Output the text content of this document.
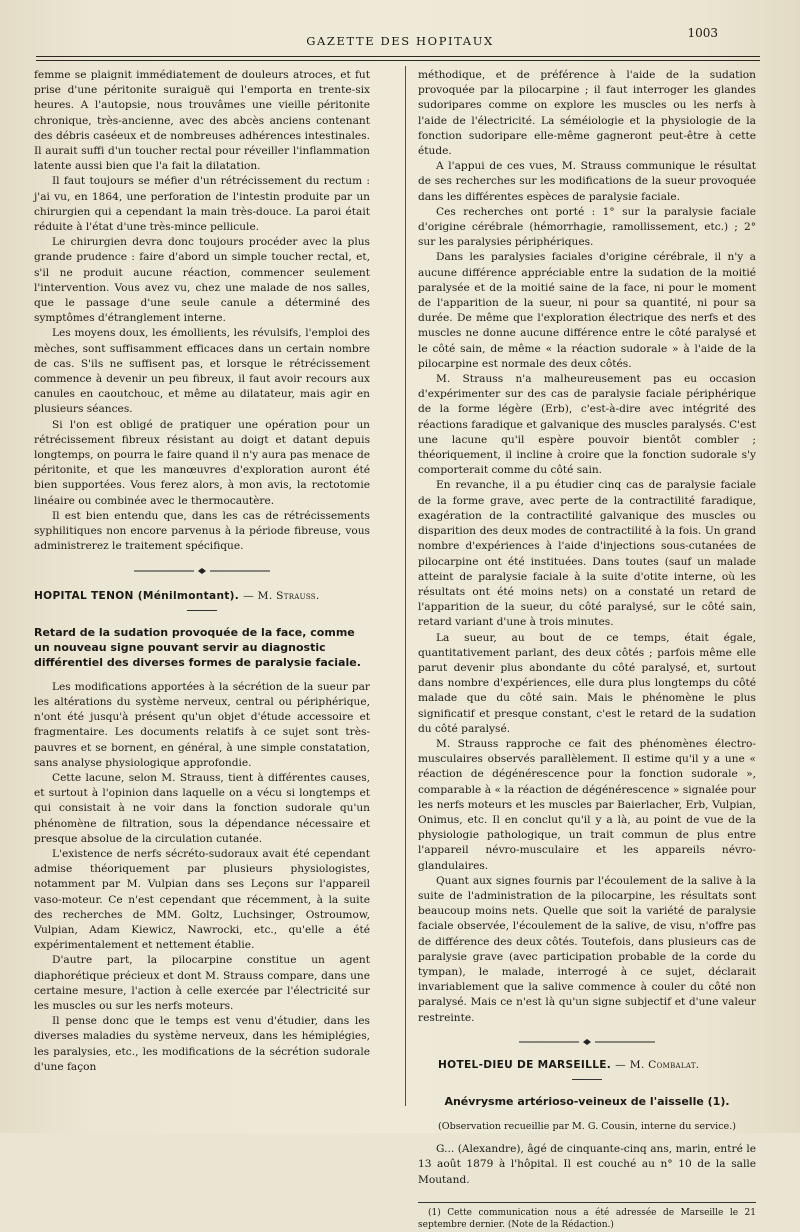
GAZETTE DES HOPITAUX
1003

femme se plaignit immédiatement de douleurs atroces, et fut prise d'une péritonite suraiguë qui l'emporta en trente-six heures. A l'autopsie, nous trouvâmes une vieille péritonite chronique, très-ancienne, avec des abcès anciens contenant des débris caséeux et de nombreuses adhérences intestinales. Il aurait suffi d'un toucher rectal pour réveiller l'inflammation latente aussi bien que l'a fait la dilatation.

Il faut toujours se méfier d'un rétrécissement du rectum : j'ai vu, en 1864, une perforation de l'intestin produite par un chirurgien qui a cependant la main très-douce. La paroi était réduite à l'état d'une très-mince pellicule.

Le chirurgien devra donc toujours procéder avec la plus grande prudence : faire d'abord un simple toucher rectal, et, s'il ne produit aucune réaction, commencer seulement l'intervention. Vous avez vu, chez une malade de nos salles, que le passage d'une seule canule a déterminé des symptômes d'étranglement interne.

Les moyens doux, les émollients, les révulsifs, l'emploi des mèches, sont suffisamment efficaces dans un certain nombre de cas. S'ils ne suffisent pas, et lorsque le rétrécissement commence à devenir un peu fibreux, il faut avoir recours aux canules en caoutchouc, et même au dilatateur, mais agir en plusieurs séances.

Si l'on est obligé de pratiquer une opération pour un rétrécissement fibreux résistant au doigt et datant depuis longtemps, on pourra le faire quand il n'y aura pas menace de péritonite, et que les manœuvres d'exploration auront été bien supportées. Vous ferez alors, à mon avis, la rectotomie linéaire ou combinée avec le thermocautère.

Il est bien entendu que, dans les cas de rétrécissements syphilitiques non encore parvenus à la période fibreuse, vous administrerez le traitement spécifique.

HOPITAL TENON (Ménilmontant). — M. Strauss.
Retard de la sudation provoquée de la face, comme un nouveau signe pouvant servir au diagnostic différentiel des diverses formes de paralysie faciale.

Les modifications apportées à la sécrétion de la sueur par les altérations du système nerveux, central ou périphérique, n'ont été jusqu'à présent qu'un objet d'étude accessoire et fragmentaire. Les documents relatifs à ce sujet sont très-pauvres et se bornent, en général, à une simple constatation, sans analyse physiologique approfondie.

Cette lacune, selon M. Strauss, tient à différentes causes, et surtout à l'opinion dans laquelle on a vécu si longtemps et qui consistait à ne voir dans la fonction sudorale qu'un phénomène de filtration, sous la dépendance nécessaire et presque absolue de la circulation cutanée.

L'existence de nerfs sécréto-sudoraux avait été cependant admise théoriquement par plusieurs physiologistes, notamment par M. Vulpian dans ses Leçons sur l'appareil vaso-moteur. Ce n'est cependant que récemment, à la suite des recherches de MM. Goltz, Luchsinger, Ostroumow, Vulpian, Adam Kiewicz, Nawrocki, etc., qu'elle a été expérimentalement et nettement établie.

D'autre part, la pilocarpine constitue un agent diaphorétique précieux et dont M. Strauss compare, dans une certaine mesure, l'action à celle exercée par l'électricité sur les muscles ou sur les nerfs moteurs.

Il pense donc que le temps est venu d'étudier, dans les diverses maladies du système nerveux, dans les hémiplégies, les paralysies, etc., les modifications de la sécrétion sudorale d'une façon

méthodique, et de préférence à l'aide de la sudation provoquée par la pilocarpine ; il faut interroger les glandes sudoripares comme on explore les muscles ou les nerfs à l'aide de l'électricité. La séméiologie et la physiologie de la fonction sudoripare elle-même gagneront peut-être à cette étude.

A l'appui de ces vues, M. Strauss communique le résultat de ses recherches sur les modifications de la sueur provoquée dans les différentes espèces de paralysie faciale.

Ces recherches ont porté : 1° sur la paralysie faciale d'origine cérébrale (hémorrhagie, ramollissement, etc.) ; 2° sur les paralysies périphériques.

Dans les paralysies faciales d'origine cérébrale, il n'y a aucune différence appréciable entre la sudation de la moitié paralysée et de la moitié saine de la face, ni pour le moment de l'apparition de la sueur, ni pour sa quantité, ni pour sa durée. De même que l'exploration électrique des nerfs et des muscles ne donne aucune différence entre le côté paralysé et le côté sain, de même « la réaction sudorale » à l'aide de la pilocarpine est normale des deux côtés.

M. Strauss n'a malheureusement pas eu occasion d'expérimenter sur des cas de paralysie faciale périphérique de la forme légère (Erb), c'est-à-dire avec intégrité des réactions faradique et galvanique des muscles paralysés. C'est une lacune qu'il espère pouvoir bientôt combler ; théoriquement, il incline à croire que la fonction sudorale s'y comporterait comme du côté sain.

En revanche, il a pu étudier cinq cas de paralysie faciale de la forme grave, avec perte de la contractilité faradique, exagération de la contractilité galvanique des muscles ou disparition des deux modes de contractilité à la fois. Un grand nombre d'expériences à l'aide d'injections sous-cutanées de pilocarpine ont été instituées. Dans toutes (sauf un malade atteint de paralysie faciale à la suite d'otite interne, où les résultats ont été moins nets) on a constaté un retard de l'apparition de la sueur, du côté paralysé, sur le côté sain, retard variant d'une à trois minutes.

La sueur, au bout de ce temps, était égale, quantitativement parlant, des deux côtés ; parfois même elle parut devenir plus abondante du côté paralysé, et, surtout dans nombre d'expériences, elle dura plus longtemps du côté malade que du côté sain. Mais le phénomène le plus significatif et presque constant, c'est le retard de la sudation du côté paralysé.

M. Strauss rapproche ce fait des phénomènes électro-musculaires observés parallèlement. Il estime qu'il y a une « réaction de dégénérescence pour la fonction sudorale », comparable à « la réaction de dégénérescence » signalée pour les nerfs moteurs et les muscles par Baierlacher, Erb, Vulpian, Onimus, etc. Il en conclut qu'il y a là, au point de vue de la physiologie pathologique, un trait commun de plus entre l'appareil névro-musculaire et les appareils névro-glandulaires.

Quant aux signes fournis par l'écoulement de la salive à la suite de l'administration de la pilocarpine, les résultats sont beaucoup moins nets. Quelle que soit la variété de paralysie faciale observée, l'écoulement de la salive, de visu, n'offre pas de différence des deux côtés. Toutefois, dans plusieurs cas de paralysie grave (avec participation probable de la corde du tympan), le malade, interrogé à ce sujet, déclarait invariablement que la salive commence à couler du côté non paralysé. Mais ce n'est là qu'un signe subjectif et d'une valeur restreinte.

HOTEL-DIEU DE MARSEILLE. — M. Combalat.
Anévrysme artérioso-veineux de l'aisselle (1).

(Observation recueillie par M. G. Cousin, interne du service.)

G... (Alexandre), âgé de cinquante-cinq ans, marin, entré le 13 août 1879 à l'hôpital. Il est couché au n° 10 de la salle Moutand.

(1) Cette communication nous a été adressée de Marseille le 21 septembre dernier. (Note de la Rédaction.)
